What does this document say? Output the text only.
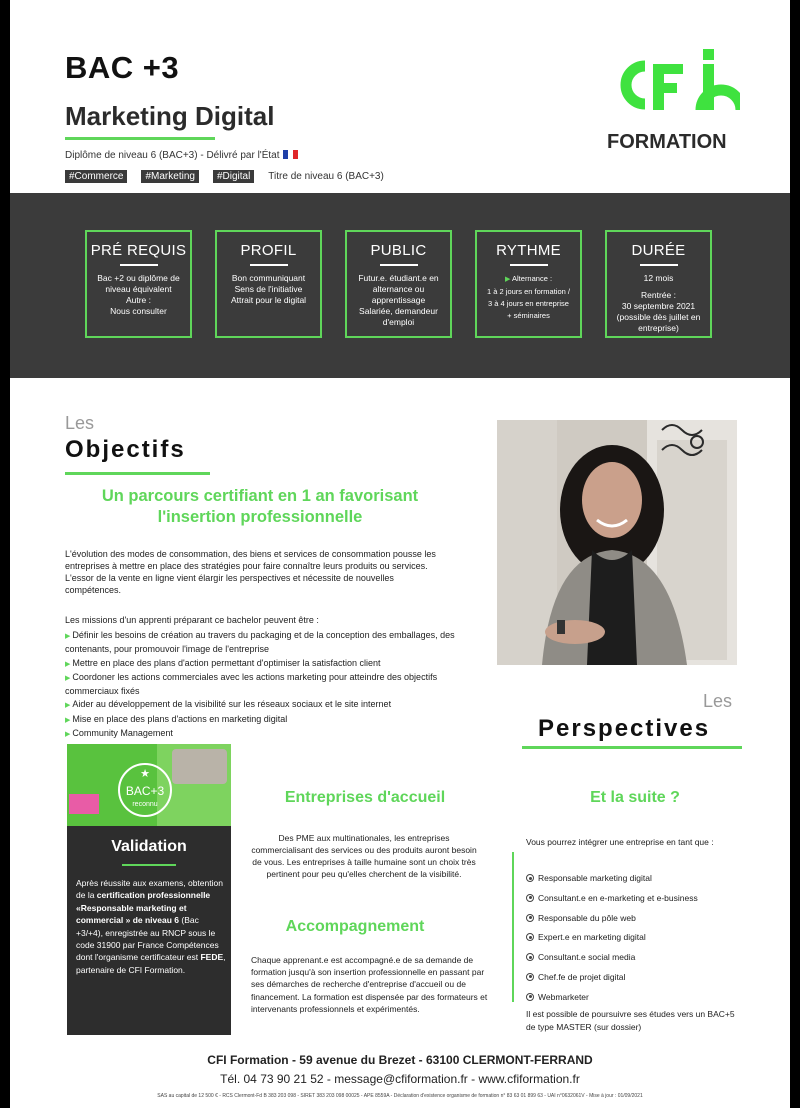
BAC +3
Marketing Digital
Diplôme de niveau 6 (BAC+3) - Délivré par l'État
#Commerce	#Marketing	#Digital	Titre de niveau 6 (BAC+3)
FORMATION
PRÉ REQUIS
Bac +2 ou diplôme de niveau équivalent
Autre :
Nous consulter
PROFIL
Bon communiquant
Sens de l'initiative
Attrait pour le digital
PUBLIC
Futur.e. étudiant.e en alternance ou apprentissage
Salariée, demandeur d'emploi
RYTHME
▶ Alternance :
1 à 2 jours en formation /
3 à 4 jours en entreprise
+ séminaires
DURÉE
12 mois
Rentrée :
30 septembre 2021
(possible dès juillet en entreprise)
Les
Objectifs
Un parcours certifiant en 1 an favorisant l'insertion professionnelle
L'évolution des modes de consommation, des biens et services de consommation pousse les entreprises à mettre en place des stratégies pour faire connaître leurs produits ou services. L'essor de la vente en ligne vient élargir les perspectives et nécessite de nouvelles compétences.
Les missions d'un apprenti préparant ce bachelor peuvent être :
▶ Définir les besoins de création au travers du packaging et de la conception des emballages, des contenants, pour promouvoir l'image de l'entreprise
▶ Mettre en place des plans d'action permettant d'optimiser la satisfaction client
▶ Coordoner les actions commerciales avec les actions marketing pour atteindre des objectifs commerciaux fixés
▶ Aider au développement de la visibilité sur les réseaux sociaux et le site internet
▶ Mise en place des plans d'actions en marketing digital
▶ Community Management
Les
Perspectives
★
BAC+3
reconnu
Validation
Après réussite aux examens, obtention de la certification professionnelle «Responsable marketing et commercial » de niveau 6 (Bac +3/+4), enregistrée au RNCP sous le code 31900 par France Compétences dont l'organisme certificateur est FEDE, partenaire de CFI Formation.
Entreprises d'accueil
Des PME aux multinationales, les entreprises commercialisant des services ou des produits auront besoin de vous. Les entreprises à taille humaine sont un choix très pertinent pour peu qu'elles cherchent de la visibilité.
Accompagnement
Chaque apprenant.e est accompagné.e de sa demande de formation jusqu'à son insertion professionnelle en passant par ses démarches de recherche d'entreprise d'accueil ou de financement. La formation est dispensée par des formateurs et intervenants professionnels et expérimentés.
Et la suite ?
Vous pourrez intégrer une entreprise en tant que :
Responsable marketing digital
Consultant.e en e-marketing et e-business
Responsable du pôle web
Expert.e en marketing digital
Consultant.e social media
Chef.fe de projet digital
Webmarketer
Il est possible de poursuivre ses études vers un BAC+5 de type MASTER (sur dossier)
CFI Formation - 59 avenue du Brezet - 63100 CLERMONT-FERRAND
Tél. 04 73 90 21 52 - message@cfiformation.fr - www.cfiformation.fr
SAS au capital de 12 500 € - RCS Clermont-Fd B 383 203 098 - SIRET 383 203 098 00025 - APE 8559A - Déclaration d'existence organisme de formation n° 83 63 01 899 63 - UAI n°0632061V - Mise à jour : 01/09/2021
